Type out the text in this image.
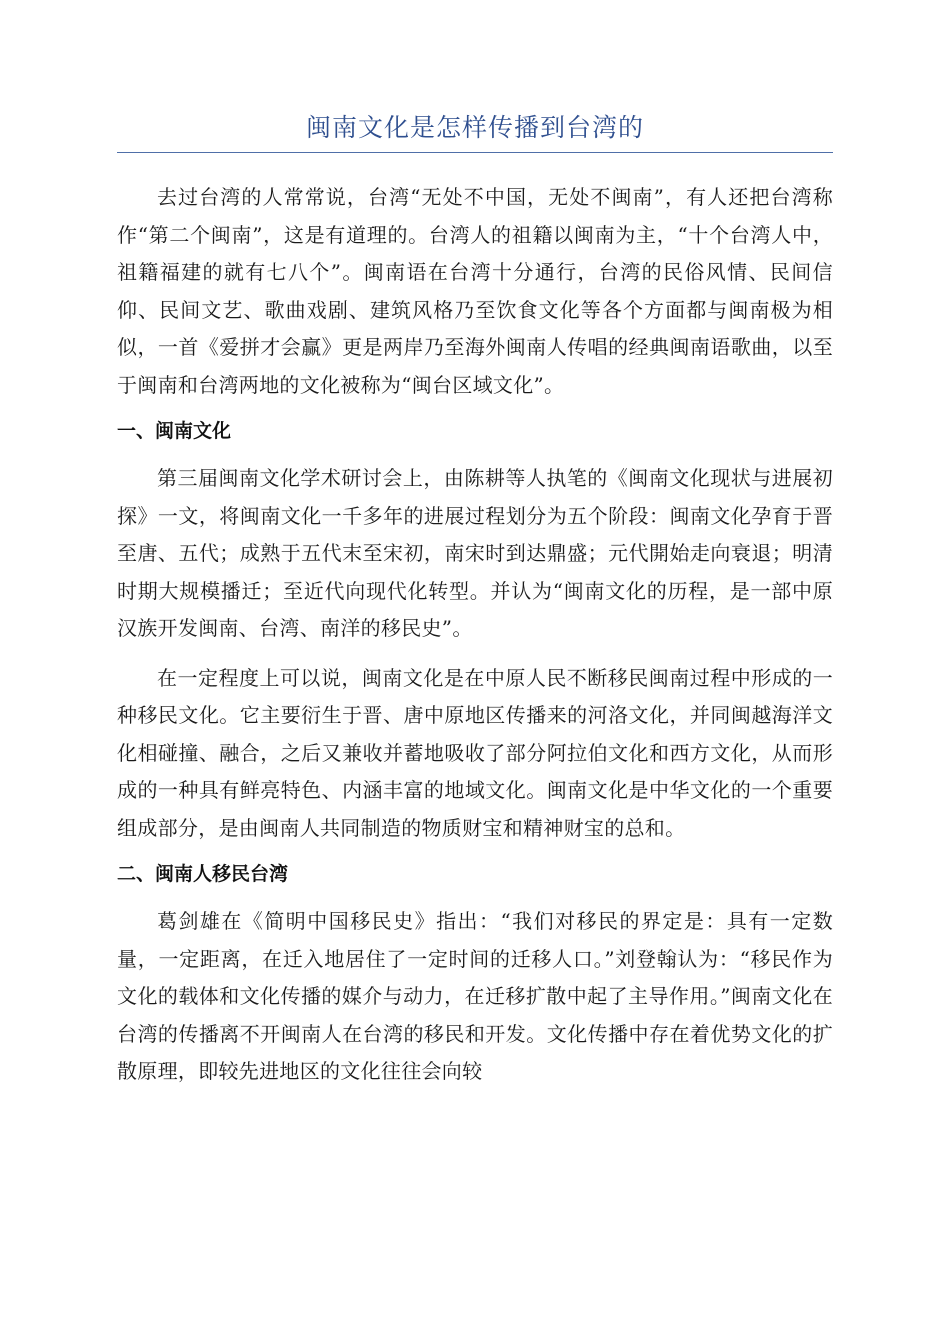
闽南文化是怎样传播到台湾的

去过台湾的人常常说，台湾“无处不中国，无处不闽南”，有人还把台湾称作“第二个闽南”，这是有道理的。台湾人的祖籍以闽南为主，“十个台湾人中，祖籍福建的就有七八个”。闽南语在台湾十分通行，台湾的民俗风情、民间信仰、民间文艺、歌曲戏剧、建筑风格乃至饮食文化等各个方面都与闽南极为相似，一首《爱拼才会赢》更是两岸乃至海外闽南人传唱的经典闽南语歌曲，以至于闽南和台湾两地的文化被称为“闽台区域文化”。

一、闽南文化

第三届闽南文化学术研讨会上，由陈耕等人执笔的《闽南文化现状与进展初探》一文，将闽南文化一千多年的进展过程划分为五个阶段：闽南文化孕育于晋至唐、五代；成熟于五代末至宋初，南宋时到达鼎盛；元代開始走向衰退；明清时期大规模播迁；至近代向现代化转型。并认为“闽南文化的历程，是一部中原汉族开发闽南、台湾、南洋的移民史”。

在一定程度上可以说，闽南文化是在中原人民不断移民闽南过程中形成的一种移民文化。它主要衍生于晋、唐中原地区传播来的河洛文化，并同闽越海洋文化相碰撞、融合，之后又兼收并蓄地吸收了部分阿拉伯文化和西方文化，从而形成的一种具有鲜亮特色、内涵丰富的地域文化。闽南文化是中华文化的一个重要组成部分，是由闽南人共同制造的物质财宝和精神财宝的总和。

二、闽南人移民台湾

葛剑雄在《简明中国移民史》指出：“我们对移民的界定是：具有一定数量，一定距离，在迁入地居住了一定时间的迁移人口。”刘登翰认为：“移民作为文化的载体和文化传播的媒介与动力，在迁移扩散中起了主导作用。”闽南文化在台湾的传播离不开闽南人在台湾的移民和开发。文化传播中存在着优势文化的扩散原理，即较先进地区的文化往往会向较
